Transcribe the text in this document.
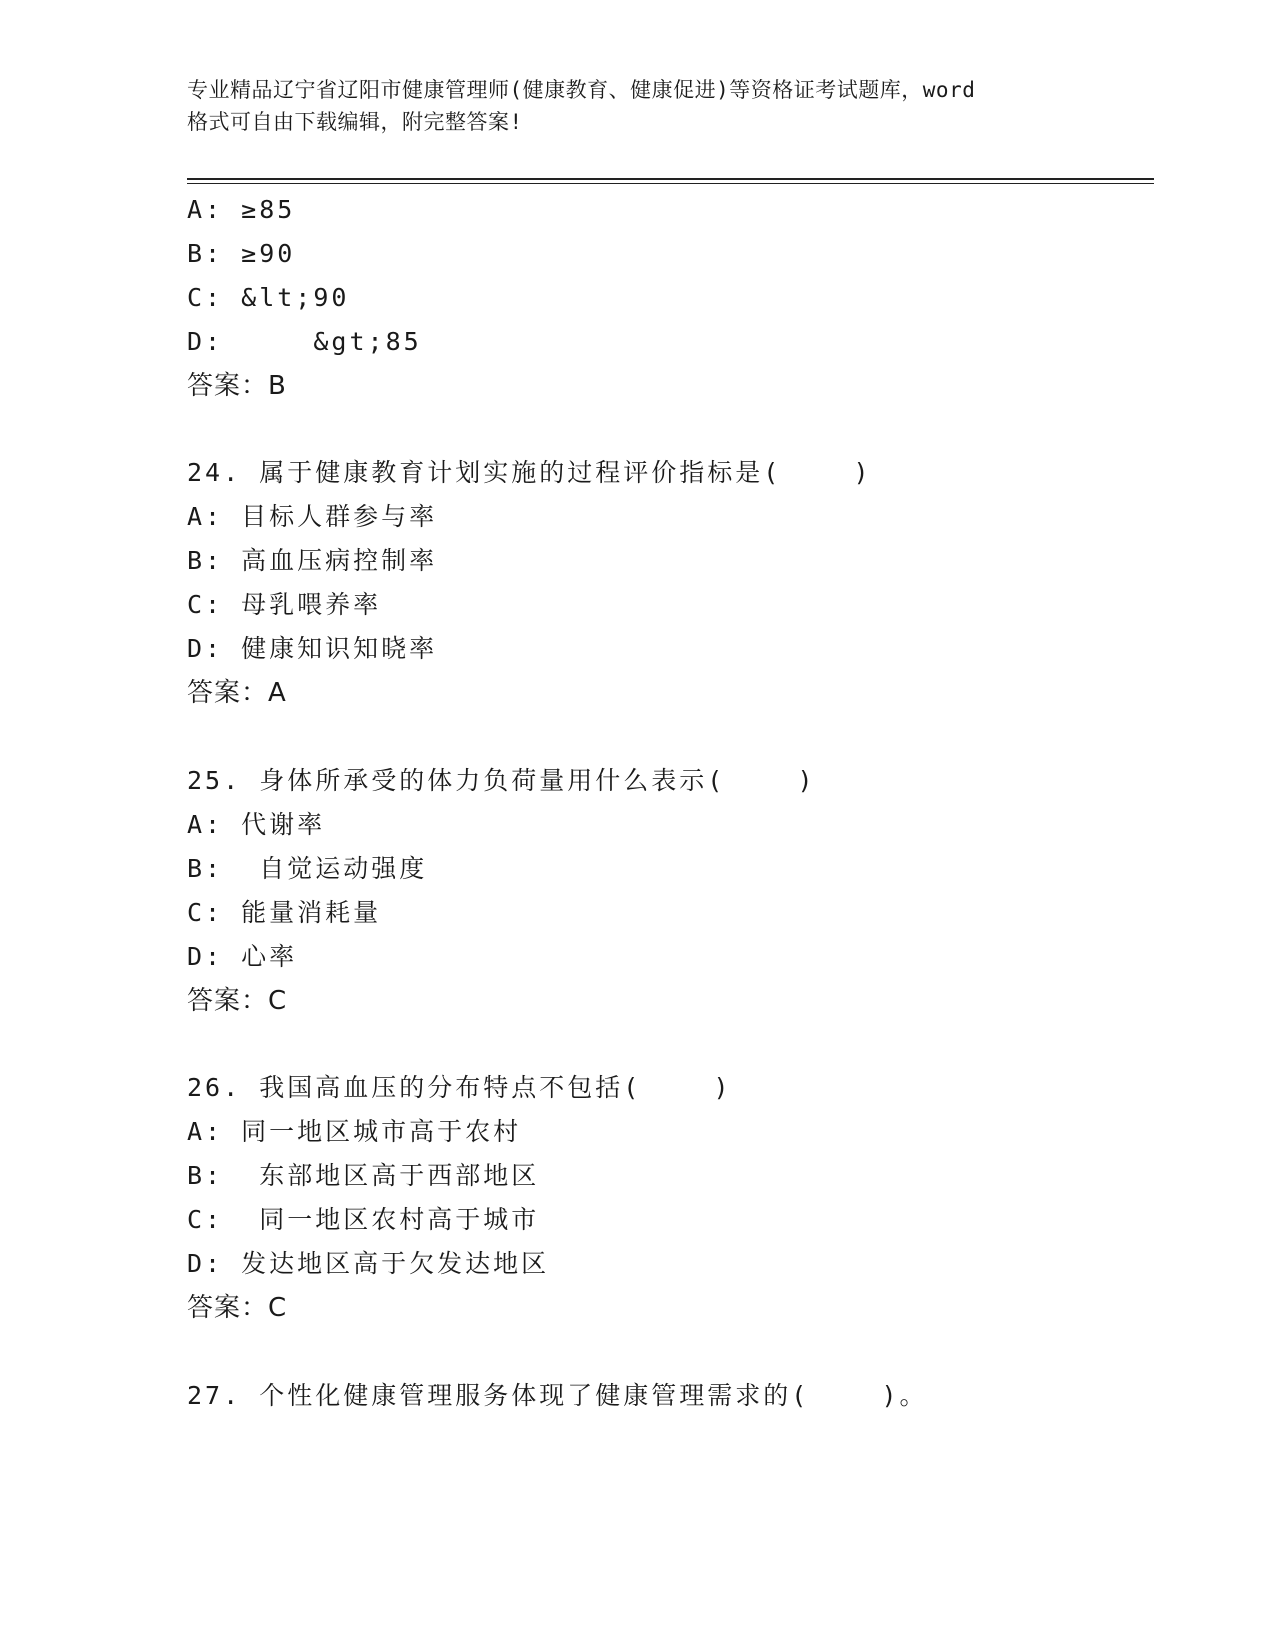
专业精品辽宁省辽阳市健康管理师(健康教育、健康促进)等资格证考试题库，word
格式可自由下载编辑，附完整答案!
A: ≥85
B: ≥90
C: &lt;90
D:     &gt;85
答案：B
24. 属于健康教育计划实施的过程评价指标是(    )
A: 目标人群参与率
B: 高血压病控制率
C: 母乳喂养率
D: 健康知识知晓率
答案：A
25. 身体所承受的体力负荷量用什么表示(    )
A: 代谢率
B:  自觉运动强度
C: 能量消耗量
D: 心率
答案：C
26. 我国高血压的分布特点不包括(    )
A: 同一地区城市高于农村
B:  东部地区高于西部地区
C:  同一地区农村高于城市
D: 发达地区高于欠发达地区
答案：C
27. 个性化健康管理服务体现了健康管理需求的(    )。
